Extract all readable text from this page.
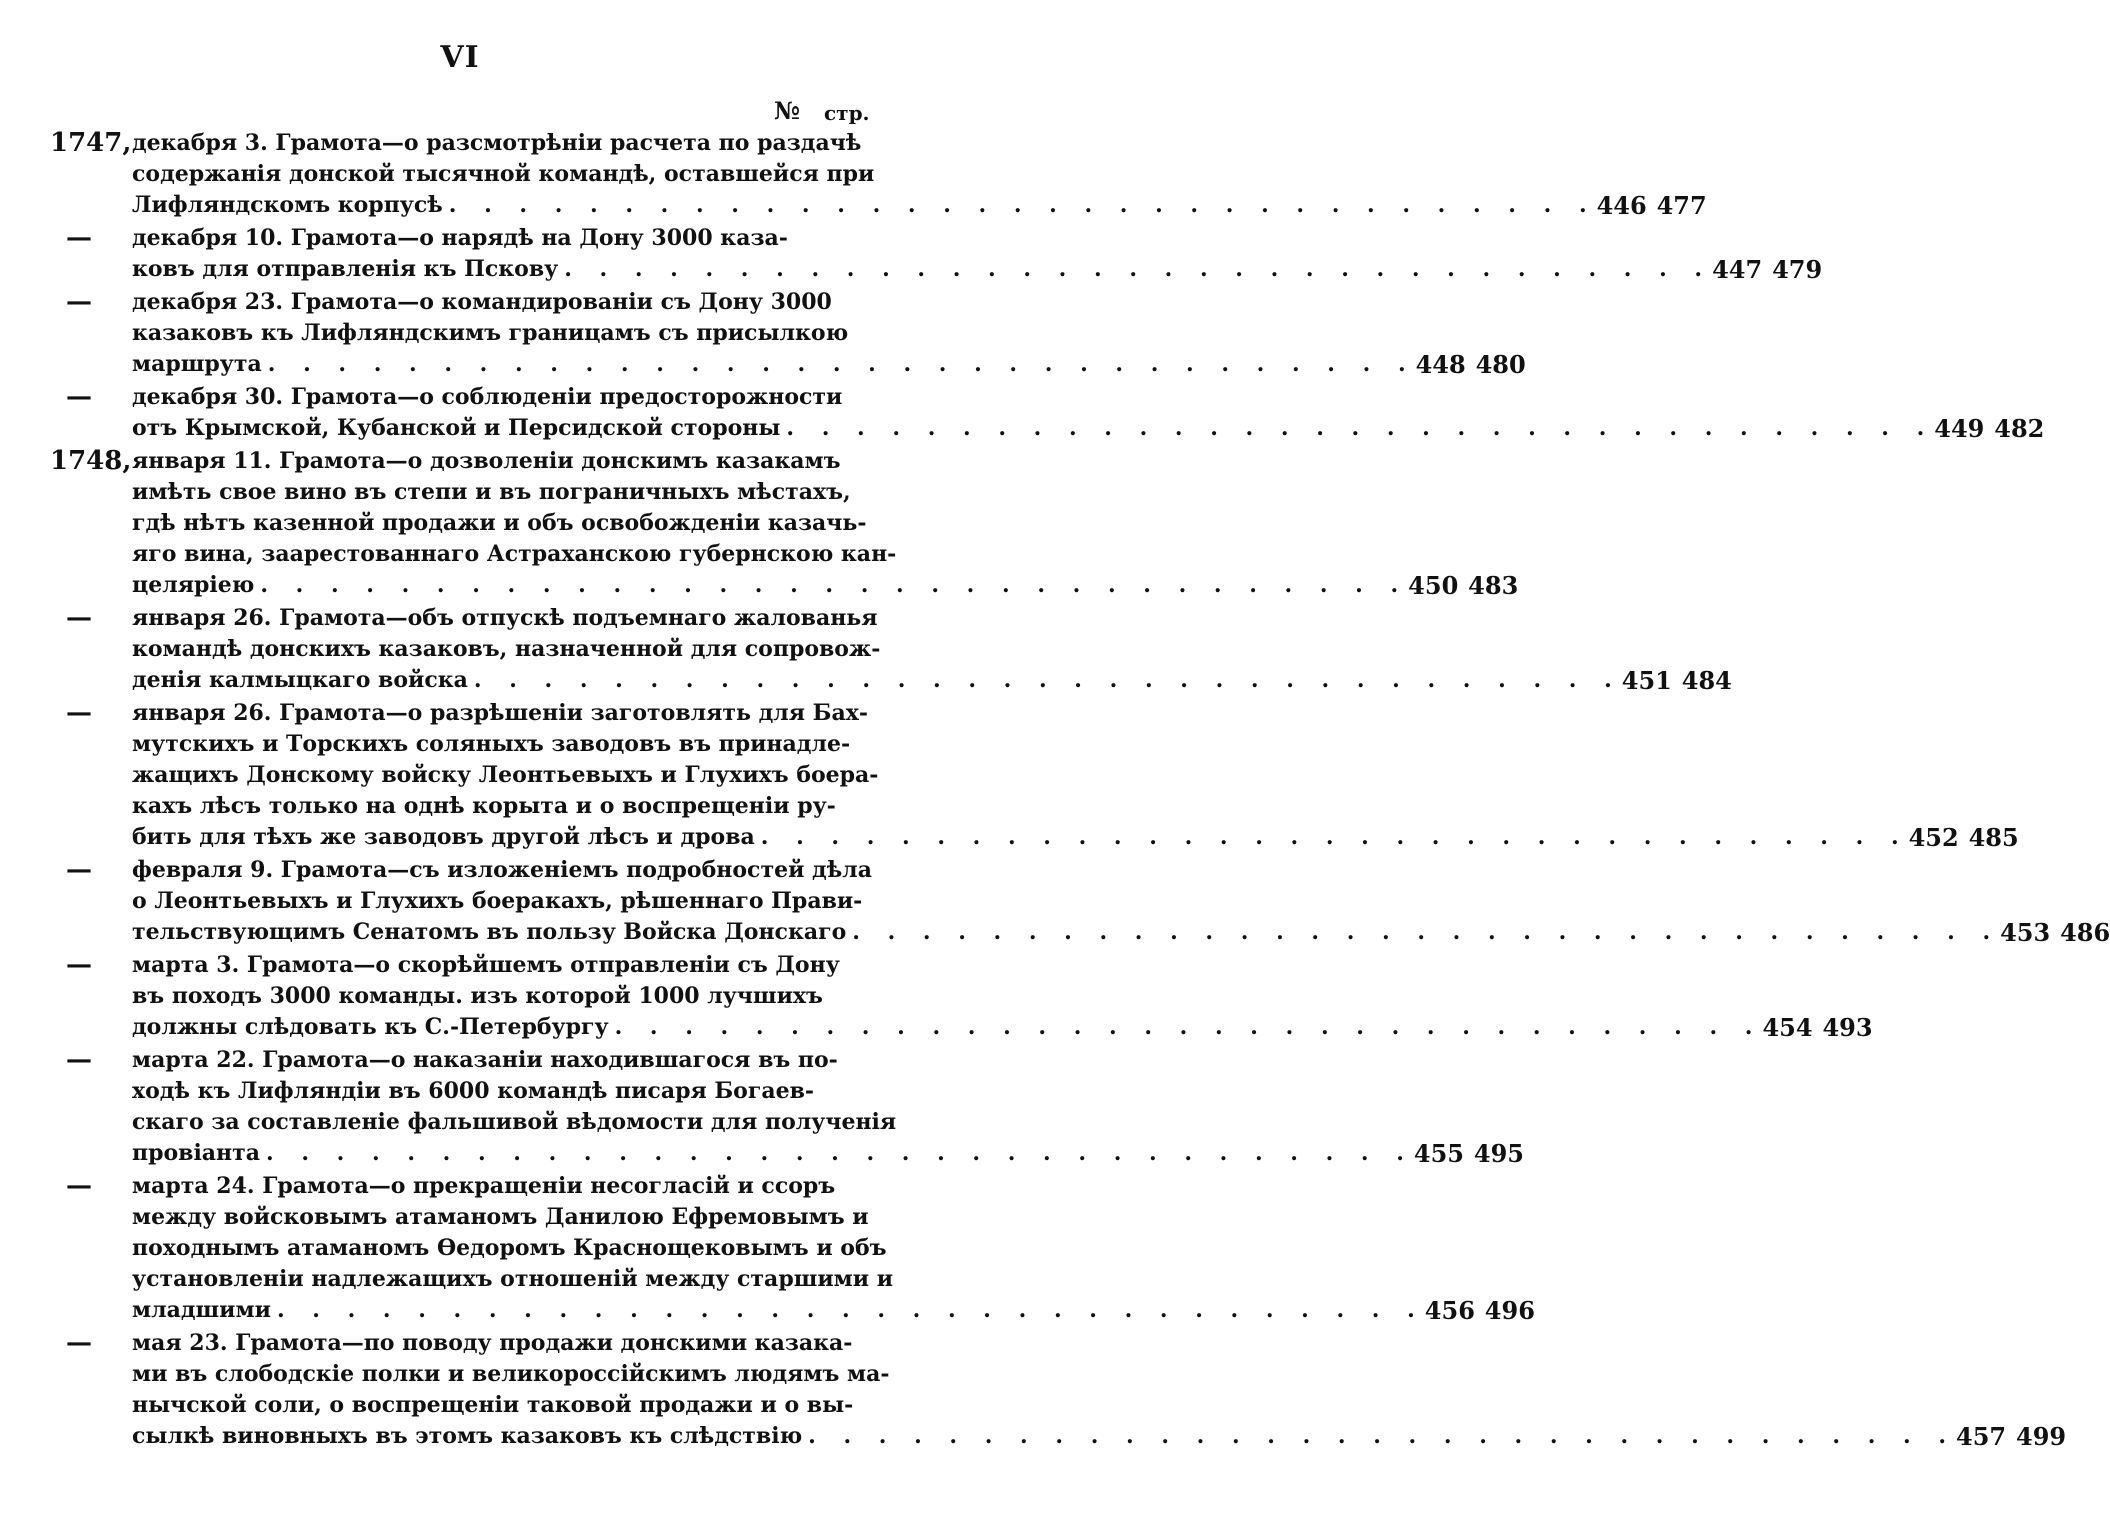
VI
№ стр.
1747, декабря 3. Грамота—о разсмотрѣніи расчета по раздачѣ
содержанія донской тысячной командѣ, оставшейся при
Лифляндскомъ корпусѣ . . . . . . . . . . . . . . . . . . . . . . . . . . . . . . . . . 446 477
— декабря 10. Грамота—о нарядѣ на Дону 3000 каза-
ковъ для отправленія къ Пскову . . . . . . . . . . . . . . . . . . . . . . . . . . . . . . . . . 447 479
— декабря 23. Грамота—о командированіи съ Дону 3000
казаковъ къ Лифляндскимъ границамъ съ присылкою
маршрута . . . . . . . . . . . . . . . . . . . . . . . . . . . . . . . . . 448 480
— декабря 30. Грамота—о соблюденіи предосторожности
отъ Крымской, Кубанской и Персидской стороны . . . . . . . . . . . . . . . . . . . . . . . . . . . . . . . . . 449 482
1748, января 11. Грамота—о дозволеніи донскимъ казакамъ
имѣть свое вино въ степи и въ пограничныхъ мѣстахъ,
гдѣ нѣтъ казенной продажи и объ освобожденіи казачь-
яго вина, заарестованнаго Астраханскою губернскою кан-
целяріею . . . . . . . . . . . . . . . . . . . . . . . . . . . . . . . . . 450 483
— января 26. Грамота—объ отпускѣ подъемнаго жалованья
командѣ донскихъ казаковъ, назначенной для сопровож-
денія калмыцкаго войска . . . . . . . . . . . . . . . . . . . . . . . . . . . . . . . . . 451 484
— января 26. Грамота—о разрѣшеніи заготовлять для Бах-
мутскихъ и Торскихъ соляныхъ заводовъ въ принадле-
жащихъ Донскому войску Леонтьевыхъ и Глухихъ боера-
кахъ лѣсъ только на однѣ корыта и о воспрещеніи ру-
бить для тѣхъ же заводовъ другой лѣсъ и дрова . . . . . . . . . . . . . . . . . . . . . . . . . . . . . . . . . 452 485
— февраля 9. Грамота—съ изложеніемъ подробностей дѣла
о Леонтьевыхъ и Глухихъ боеракахъ, рѣшеннаго Прави-
тельствующимъ Сенатомъ въ пользу Войска Донскаго . . . . . . . . . . . . . . . . . . . . . . . . . . . . . . . . . 453 486
— марта 3. Грамота—о скорѣйшемъ отправленіи съ Дону
въ походъ 3000 команды. изъ которой 1000 лучшихъ
должны слѣдовать къ С.-Петербургу . . . . . . . . . . . . . . . . . . . . . . . . . . . . . . . . . 454 493
— марта 22. Грамота—о наказаніи находившагося въ по-
ходѣ къ Лифляндіи въ 6000 командѣ писаря Богаев-
скаго за составленіе фальшивой вѣдомости для полученія
провіанта . . . . . . . . . . . . . . . . . . . . . . . . . . . . . . . . . 455 495
— марта 24. Грамота—о прекращеніи несогласій и ссоръ
между войсковымъ атаманомъ Данилою Ефремовымъ и
походнымъ атаманомъ Ѳедоромъ Краснощековымъ и объ
установленіи надлежащихъ отношеній между старшими и
младшими . . . . . . . . . . . . . . . . . . . . . . . . . . . . . . . . . 456 496
— мая 23. Грамота—по поводу продажи донскими казака-
ми въ слободскіе полки и великороссійскимъ людямъ ма-
нычской соли, о воспрещеніи таковой продажи и о вы-
сылкѣ виновныхъ въ этомъ казаковъ къ слѣдствію . . . . . . . . . . . . . . . . . . . . . . . . . . . . . . . . . 457 499
